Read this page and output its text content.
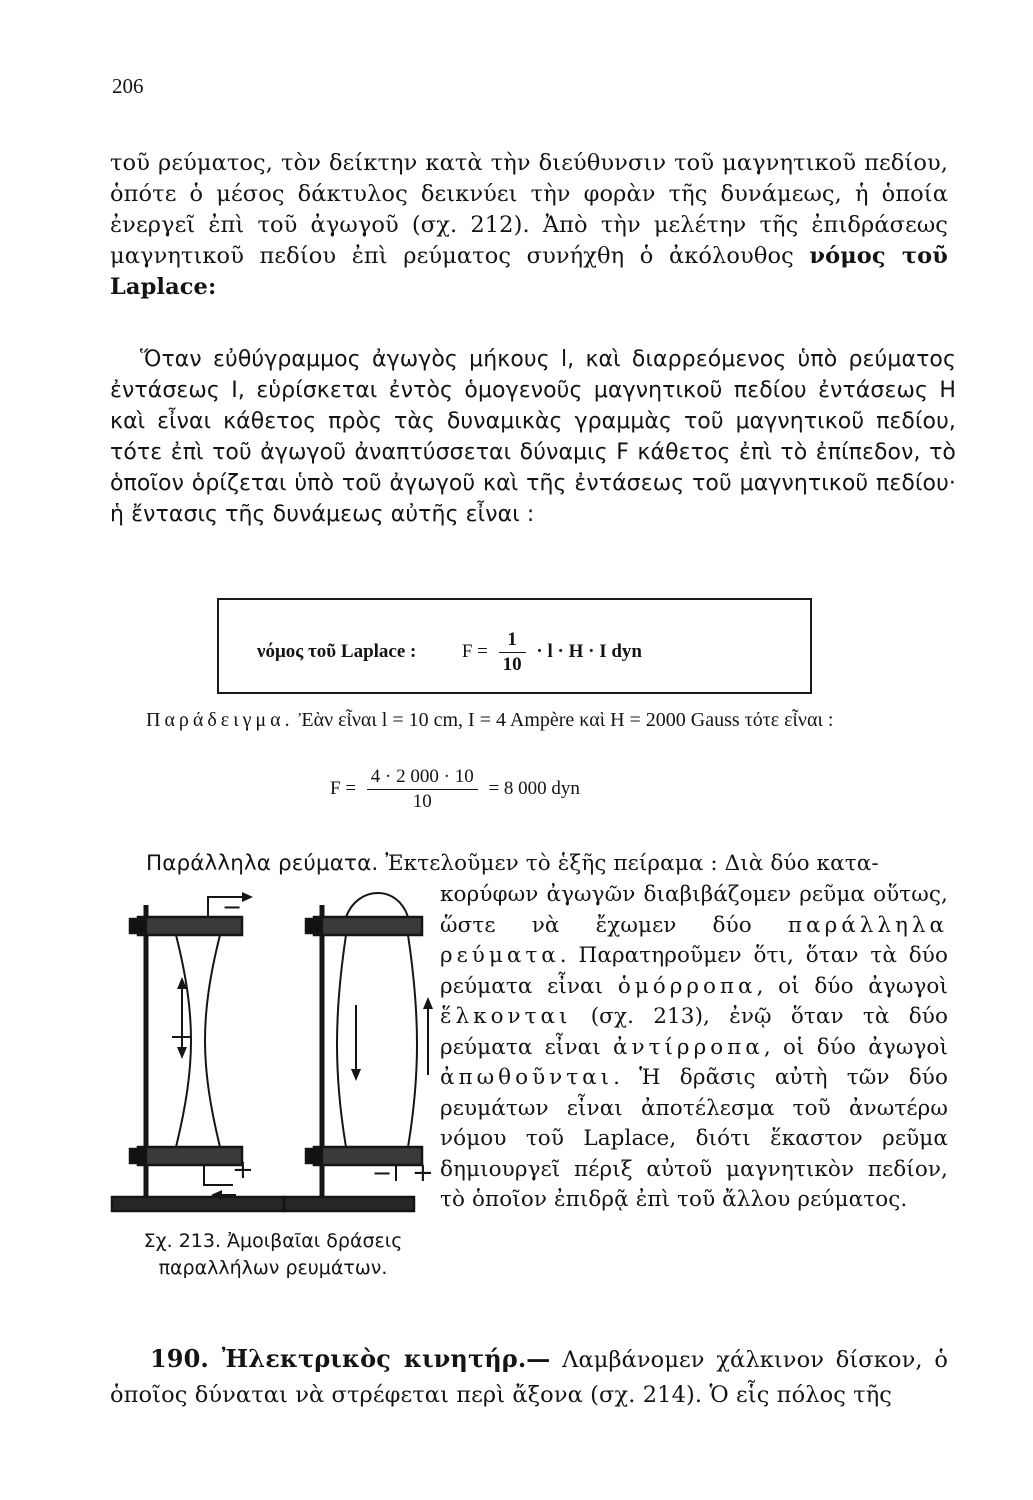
206

τοῦ ρεύματος, τὸν δείκτην κατὰ τὴν διεύθυνσιν τοῦ μαγνητικοῦ πεδίου, ὁπότε ὁ μέσος δάκτυλος δεικνύει τὴν φορὰν τῆς δυνάμεως, ἡ ὁποία ἐνεργεῖ ἐπὶ τοῦ ἀγωγοῦ (σχ. 212). Ἀπὸ τὴν μελέτην τῆς ἐπιδράσεως μαγνητικοῦ πεδίου ἐπὶ ρεύματος συνήχθη ὁ ἀκόλουθος νόμος τοῦ Laplace:

Ὅταν εὐθύγραμμος ἀγωγὸς μήκους l, καὶ διαρρεόμενος ὑπὸ ρεύματος ἐντάσεως I, εὑρίσκεται ἐντὸς ὁμογενοῦς μαγνητικοῦ πεδίου ἐντάσεως H καὶ εἶναι κάθετος πρὸς τὰς δυναμικὰς γραμμὰς τοῦ μαγνητικοῦ πεδίου, τότε ἐπὶ τοῦ ἀγωγοῦ ἀναπτύσσεται δύναμις F κάθετος ἐπὶ τὸ ἐπίπεδον, τὸ ὁποῖον ὁρίζεται ὑπὸ τοῦ ἀγωγοῦ καὶ τῆς ἐντάσεως τοῦ μαγνητικοῦ πεδίου· ἡ ἔντασις τῆς δυνάμεως αὐτῆς εἶναι :

νόμος τοῦ Laplace : $F = \frac{1}{10} \cdot l \cdot H \cdot I$ dyn

Παράδειγμα. Ἐὰν εἶναι l = 10 cm, I = 4 Ampère καὶ H = 2000 Gauss τότε εἶναι :

$F = \frac{4 \cdot 2 000 \cdot 10}{10} = 8$ 000 dyn
Παράλληλα ρεύματα. Ἐκτελοῦμεν τὸ ἑξῆς πείραμα : Διὰ δύο κατα-

κορύφων ἀγωγῶν διαβιβάζομεν ρεῦμα οὕτως, ὥστε νὰ ἔχωμεν δύο παράλληλα ρεύματα. Παρατηροῦμεν ὅτι, ὅταν τὰ δύο ρεύματα εἶναι ὁμόρροπα, οἱ δύο ἀγωγοὶ ἕλκονται (σχ. 213), ἐνῷ ὅταν τὰ δύο ρεύματα εἶναι ἀντίρροπα, οἱ δύο ἀγωγοὶ ἀπωθοῦνται. Ἡ δρᾶσις αὐτὴ τῶν δύο ρευμάτων εἶναι ἀποτέλεσμα τοῦ ἀνωτέρω νόμου τοῦ Laplace, διότι ἕκαστον ρεῦμα δημιουργεῖ πέριξ αὐτοῦ μαγνητικὸν πεδίον, τὸ ὁποῖον ἐπιδρᾷ ἐπὶ τοῦ ἄλλου ρεύματος.

+
−
− +
Σχ. 213. Ἀμοιβαῖαι δράσεις
παραλλήλων ρευμάτων.

190. Ἠλεκτρικὸς κινητήρ.— Λαμβάνομεν χάλκινον δίσκον, ὁ ὁποῖος δύναται νὰ στρέφεται περὶ ἄξονα (σχ. 214). Ὁ εἷς πόλος τῆς
